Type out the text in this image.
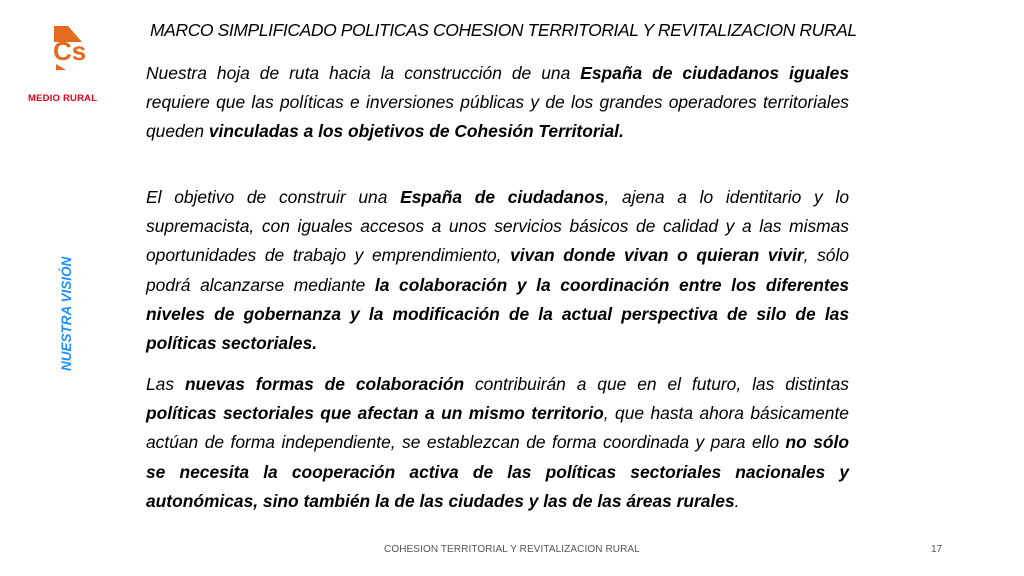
Cs
MEDIO RURAL
NUESTRA VISIÓN
MARCO SIMPLIFICADO POLITICAS COHESION TERRITORIAL Y REVITALIZACION RURAL

Nuestra hoja de ruta hacia la construcción de una España de ciudadanos iguales requiere que las políticas e inversiones públicas y de los grandes operadores territoriales queden vinculadas a los objetivos de Cohesión Territorial.

El objetivo de construir una España de ciudadanos, ajena a lo identitario y lo supremacista, con iguales accesos a unos servicios básicos de calidad y a las mismas oportunidades de trabajo y emprendimiento, vivan donde vivan o quieran vivir, sólo podrá alcanzarse mediante la colaboración y la coordinación entre los diferentes niveles de gobernanza y la modificación de la actual perspectiva de silo de las políticas sectoriales.

Las nuevas formas de colaboración contribuirán a que en el futuro, las distintas políticas sectoriales que afectan a un mismo territorio, que hasta ahora básicamente actúan de forma independiente, se establezcan de forma coordinada y para ello no sólo se necesita la cooperación activa de las políticas sectoriales nacionales y autonómicas, sino también la de las ciudades y las de las áreas rurales.

COHESION TERRITORIAL Y REVITALIZACION RURAL	17
